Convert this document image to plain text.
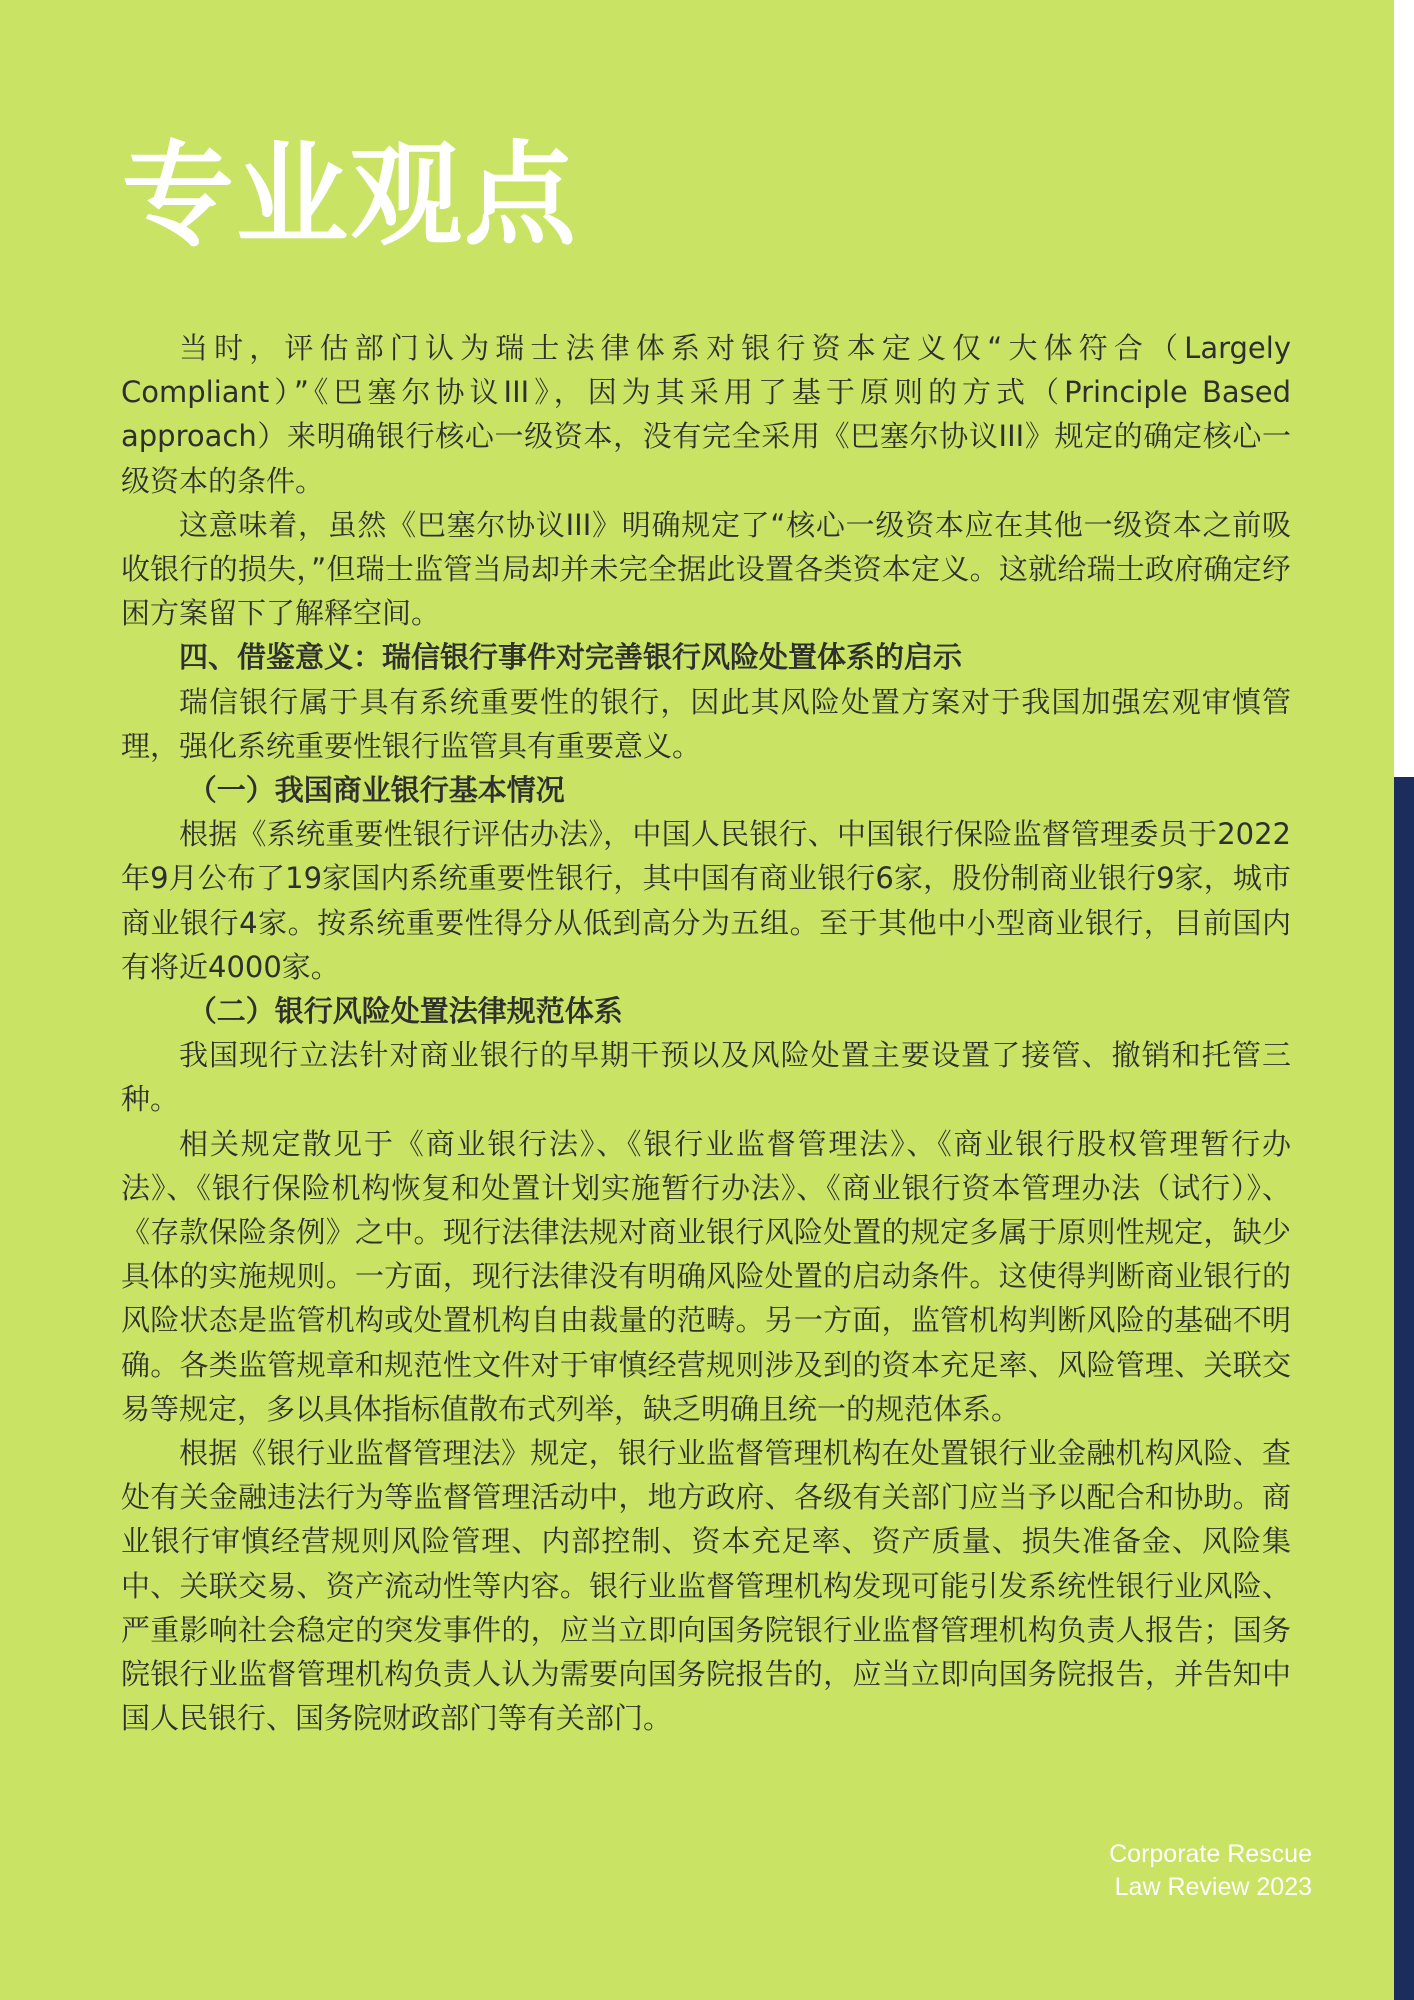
专业观点

当时，评估部门认为瑞士法律体系对银行资本定义仅“大体符合（Largely Compliant）”《巴塞尔协议III》，因为其采用了基于原则的方式（Principle Based approach）来明确银行核心一级资本，没有完全采用《巴塞尔协议III》规定的确定核心一级资本的条件。

这意味着，虽然《巴塞尔协议III》明确规定了“核心一级资本应在其他一级资本之前吸收银行的损失，”但瑞士监管当局却并未完全据此设置各类资本定义。这就给瑞士政府确定纾困方案留下了解释空间。

四、借鉴意义：瑞信银行事件对完善银行风险处置体系的启示

瑞信银行属于具有系统重要性的银行，因此其风险处置方案对于我国加强宏观审慎管理，强化系统重要性银行监管具有重要意义。

（一）我国商业银行基本情况

根据《系统重要性银行评估办法》，中国人民银行、中国银行保险监督管理委员于2022年9月公布了19家国内系统重要性银行，其中国有商业银行6家，股份制商业银行9家，城市商业银行4家。按系统重要性得分从低到高分为五组。至于其他中小型商业银行，目前国内有将近4000家。

（二）银行风险处置法律规范体系

我国现行立法针对商业银行的早期干预以及风险处置主要设置了接管、撤销和托管三种。

相关规定散见于《商业银行法》、《银行业监督管理法》、《商业银行股权管理暂行办法》、《银行保险机构恢复和处置计划实施暂行办法》、《商业银行资本管理办法（试行）》、《存款保险条例》之中。现行法律法规对商业银行风险处置的规定多属于原则性规定，缺少具体的实施规则。一方面，现行法律没有明确风险处置的启动条件。这使得判断商业银行的风险状态是监管机构或处置机构自由裁量的范畴。另一方面，监管机构判断风险的基础不明确。各类监管规章和规范性文件对于审慎经营规则涉及到的资本充足率、风险管理、关联交易等规定，多以具体指标值散布式列举，缺乏明确且统一的规范体系。

根据《银行业监督管理法》规定，银行业监督管理机构在处置银行业金融机构风险、查处有关金融违法行为等监督管理活动中，地方政府、各级有关部门应当予以配合和协助。商业银行审慎经营规则风险管理、内部控制、资本充足率、资产质量、损失准备金、风险集中、关联交易、资产流动性等内容。银行业监督管理机构发现可能引发系统性银行业风险、严重影响社会稳定的突发事件的，应当立即向国务院银行业监督管理机构负责人报告；国务院银行业监督管理机构负责人认为需要向国务院报告的，应当立即向国务院报告，并告知中国人民银行、国务院财政部门等有关部门。

Corporate Rescue
Law Review 2023
